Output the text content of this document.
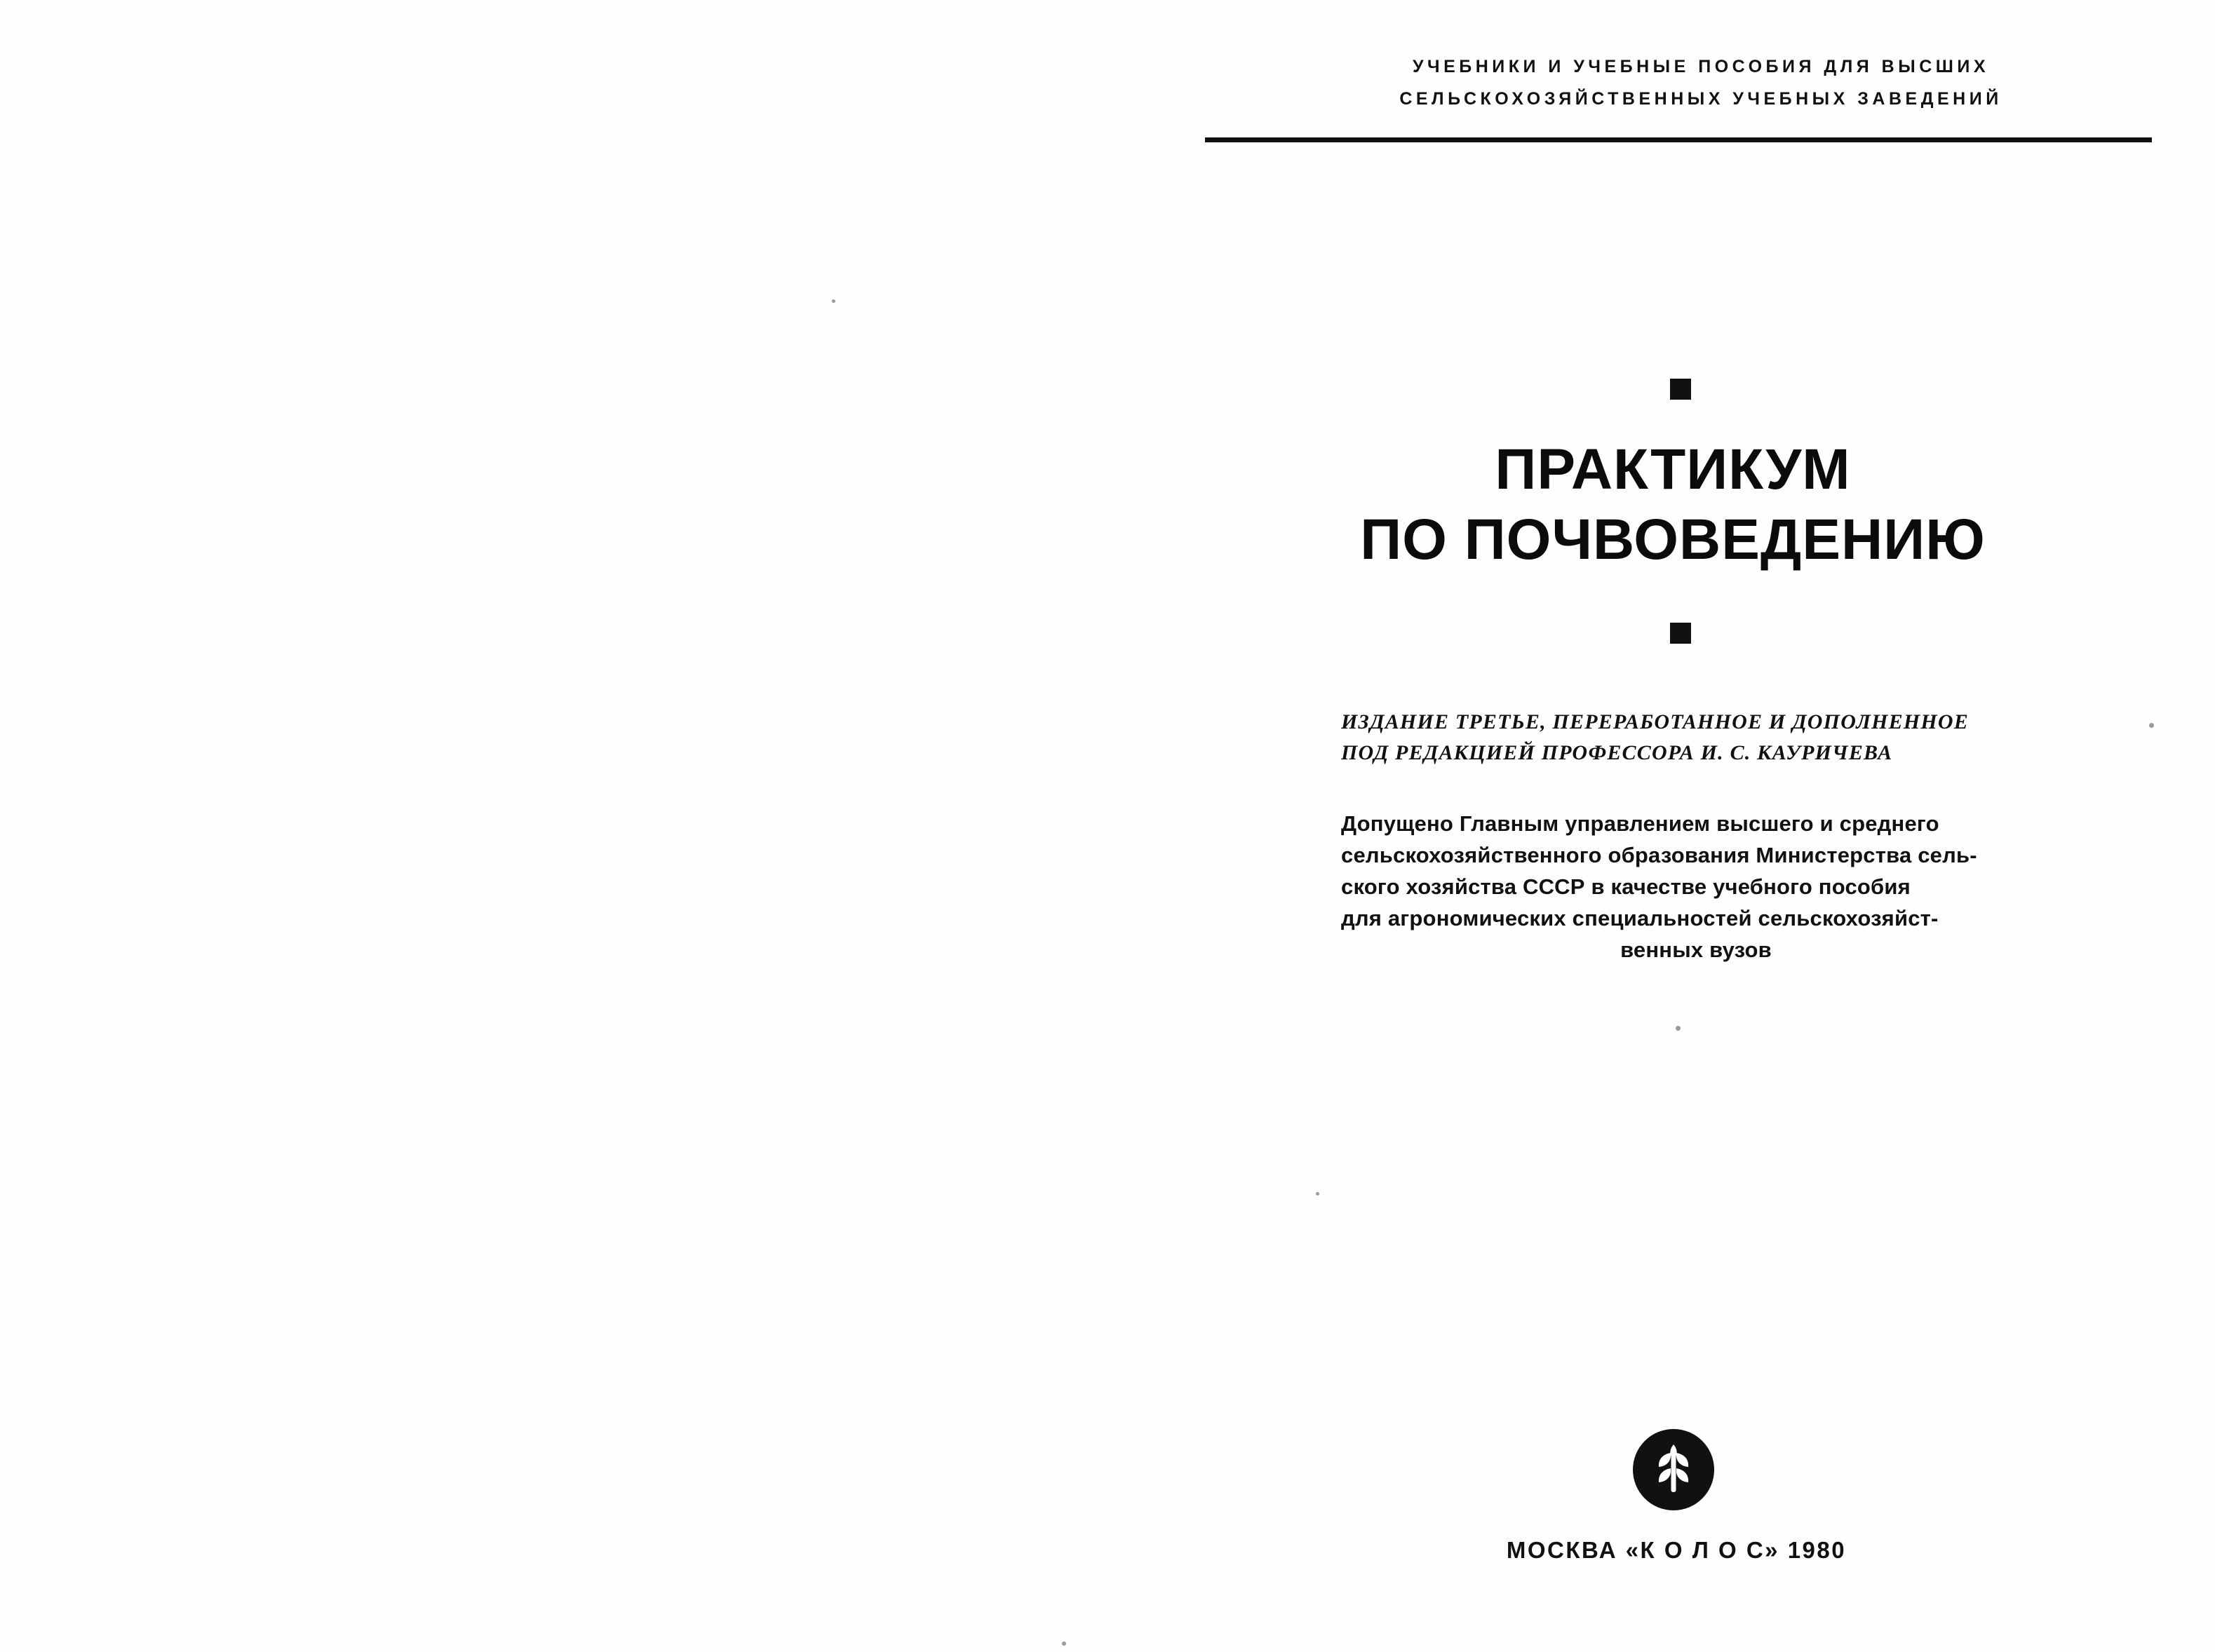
УЧЕБНИКИ И УЧЕБНЫЕ ПОСОБИЯ ДЛЯ ВЫСШИХ
СЕЛЬСКОХОЗЯЙСТВЕННЫХ УЧЕБНЫХ ЗАВЕДЕНИЙ
ПРАКТИКУМ
ПО ПОЧВОВЕДЕНИЮ
ИЗДАНИЕ ТРЕТЬЕ, ПЕРЕРАБОТАННОЕ И ДОПОЛНЕННОЕ
ПОД РЕДАКЦИЕЙ ПРОФЕССОРА И. С. КАУРИЧЕВА
Допущено Главным управлением высшего и среднего
сельскохозяйственного образования Министерства сель-
ского хозяйства СССР в качестве учебного пособия
для агрономических специальностей сельскохозяйст-
венных вузов
МОСКВА «К О Л О С» 1980
